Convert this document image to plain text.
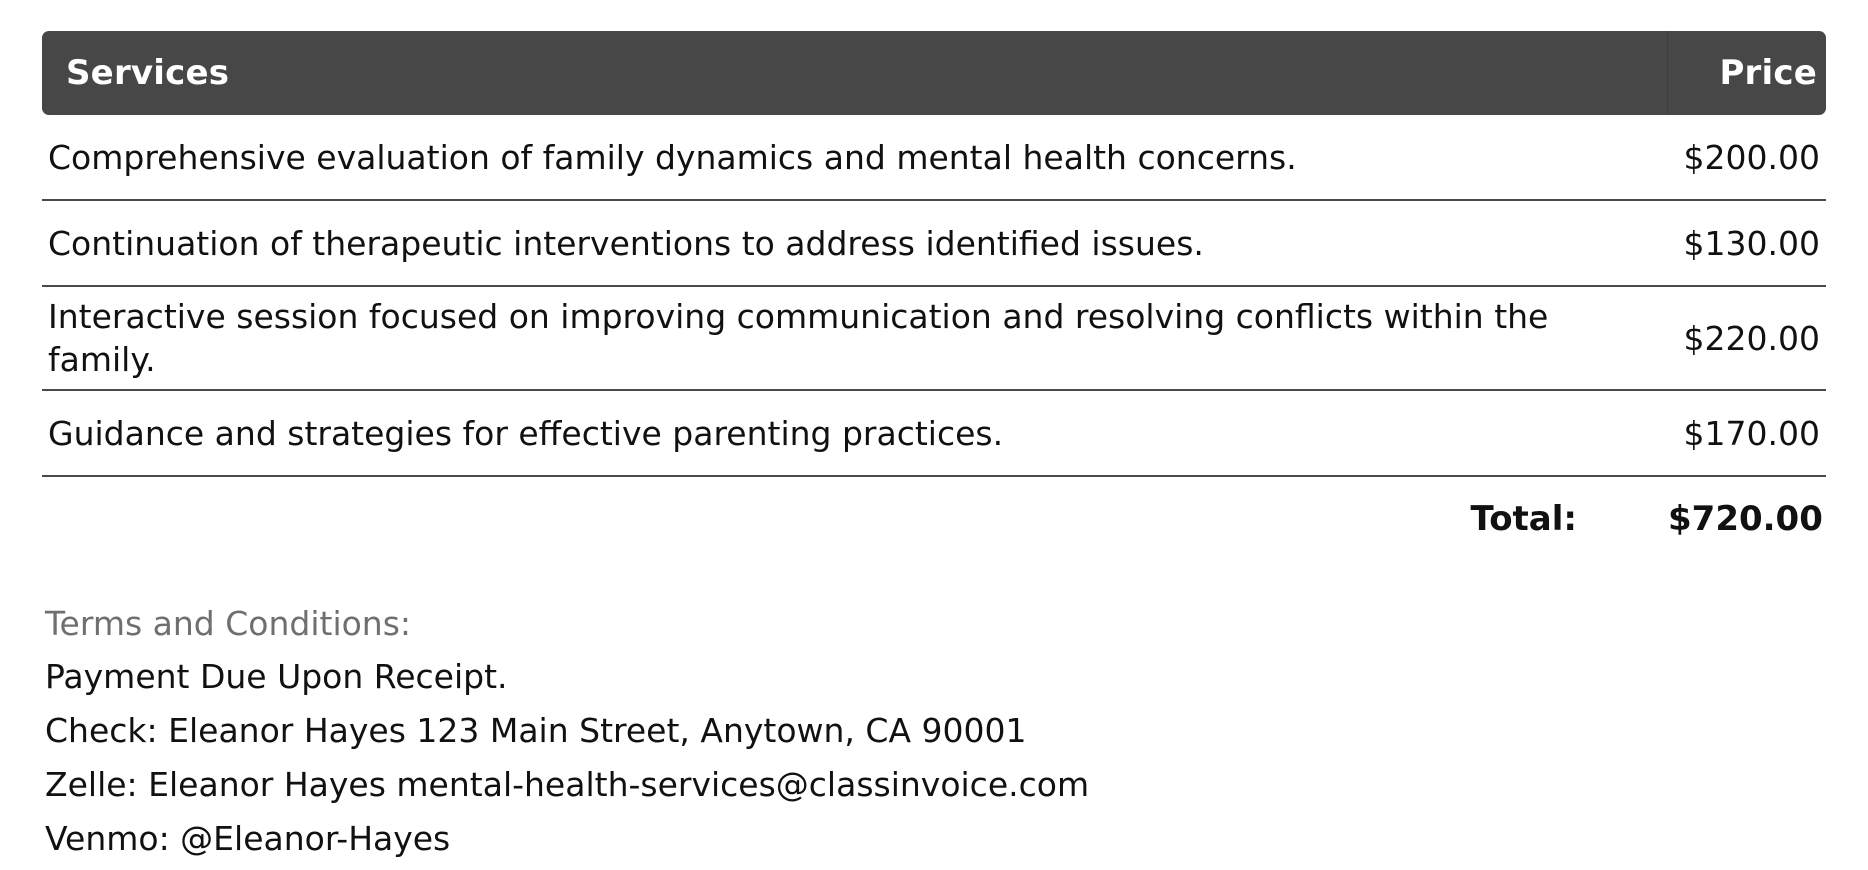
Services	Price
Comprehensive evaluation of family dynamics and mental health concerns.	$200.00
Continuation of therapeutic interventions to address identified issues.	$130.00
Interactive session focused on improving communication and resolving conflicts within the family.	$220.00
Guidance and strategies for effective parenting practices.	$170.00
Total:	$720.00
Terms and Conditions:
Payment Due Upon Receipt.
Check: Eleanor Hayes 123 Main Street, Anytown, CA 90001
Zelle: Eleanor Hayes mental-health-services@classinvoice.com
Venmo: @Eleanor-Hayes
